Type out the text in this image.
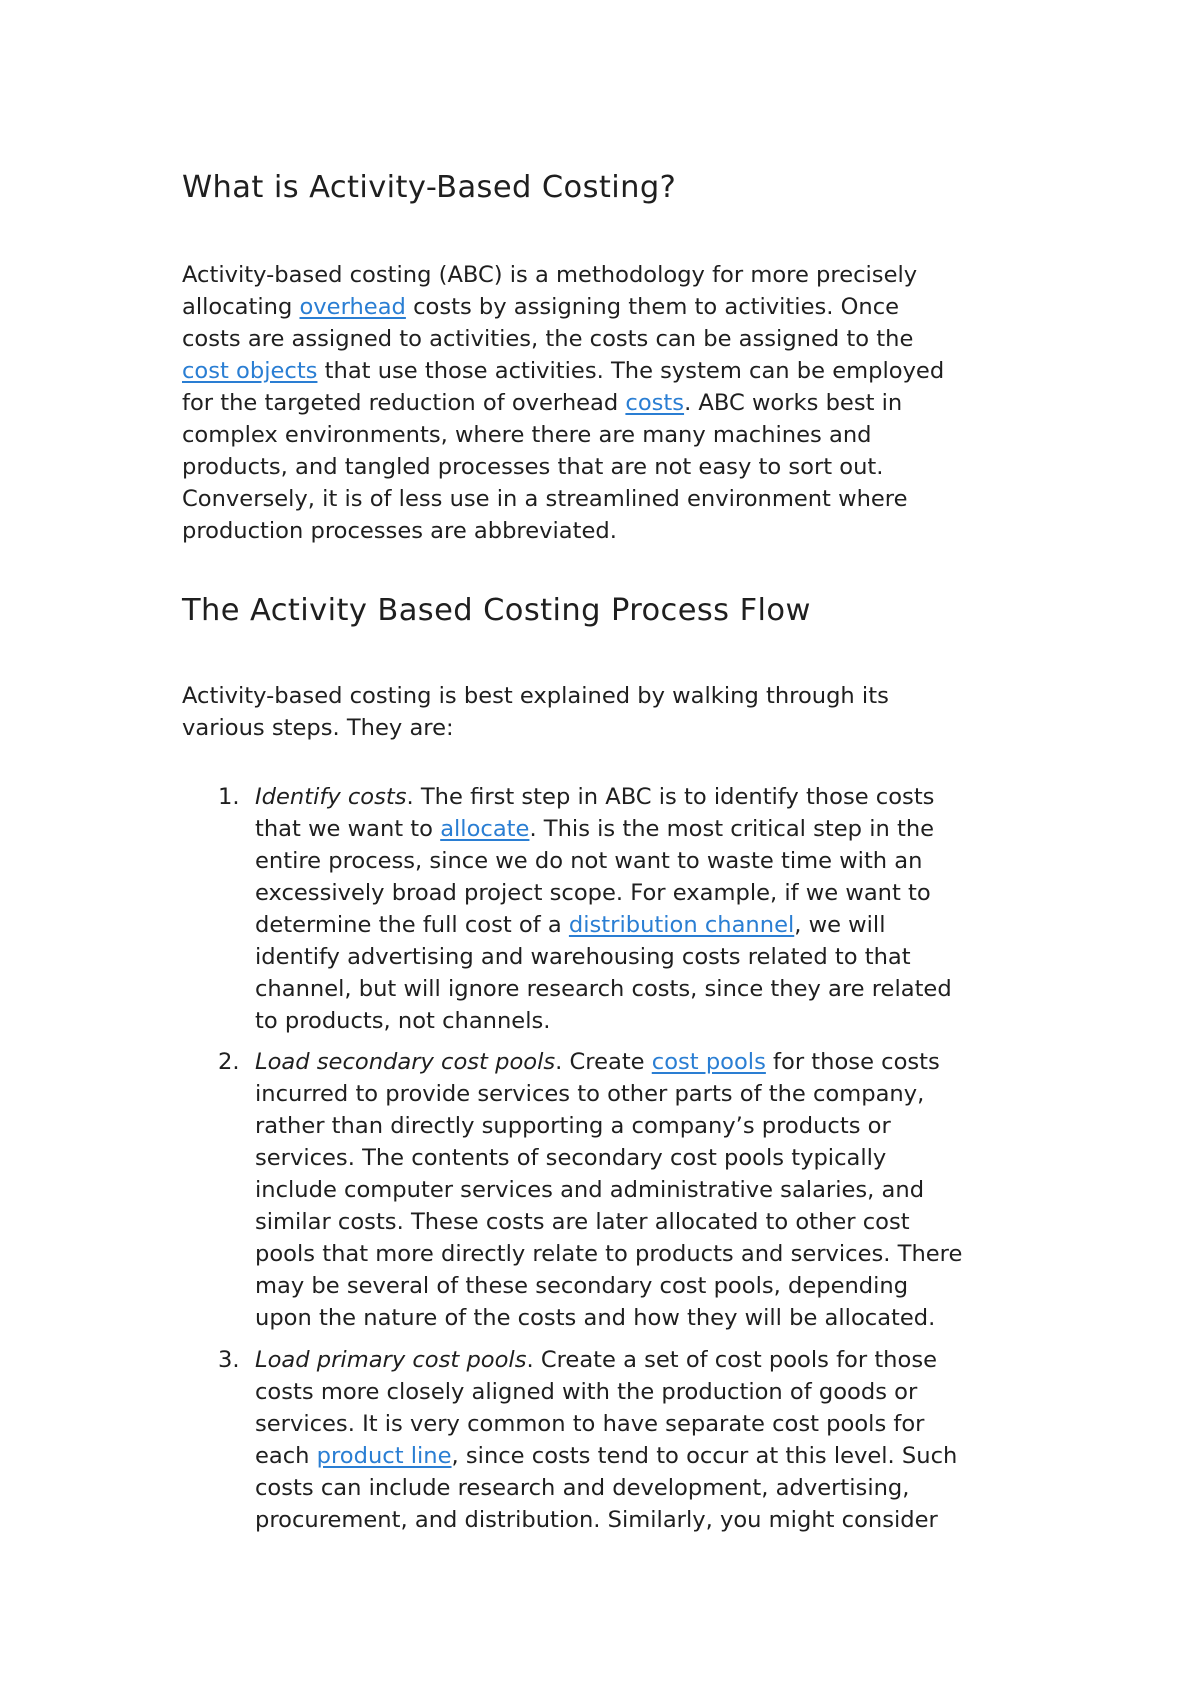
What is Activity-Based Costing?

Activity-based costing (ABC) is a methodology for more precisely
allocating overhead costs by assigning them to activities. Once
costs are assigned to activities, the costs can be assigned to the
cost objects that use those activities. The system can be employed
for the targeted reduction of overhead costs. ABC works best in
complex environments, where there are many machines and
products, and tangled processes that are not easy to sort out.
Conversely, it is of less use in a streamlined environment where
production processes are abbreviated.

The Activity Based Costing Process Flow

Activity-based costing is best explained by walking through its
various steps. They are:

1. Identify costs. The first step in ABC is to identify those costs
that we want to allocate. This is the most critical step in the
entire process, since we do not want to waste time with an
excessively broad project scope. For example, if we want to
determine the full cost of a distribution channel, we will
identify advertising and warehousing costs related to that
channel, but will ignore research costs, since they are related
to products, not channels.
2. Load secondary cost pools. Create cost pools for those costs
incurred to provide services to other parts of the company,
rather than directly supporting a company’s products or
services. The contents of secondary cost pools typically
include computer services and administrative salaries, and
similar costs. These costs are later allocated to other cost
pools that more directly relate to products and services. There
may be several of these secondary cost pools, depending
upon the nature of the costs and how they will be allocated.
3. Load primary cost pools. Create a set of cost pools for those
costs more closely aligned with the production of goods or
services. It is very common to have separate cost pools for
each product line, since costs tend to occur at this level. Such
costs can include research and development, advertising,
procurement, and distribution. Similarly, you might consider
